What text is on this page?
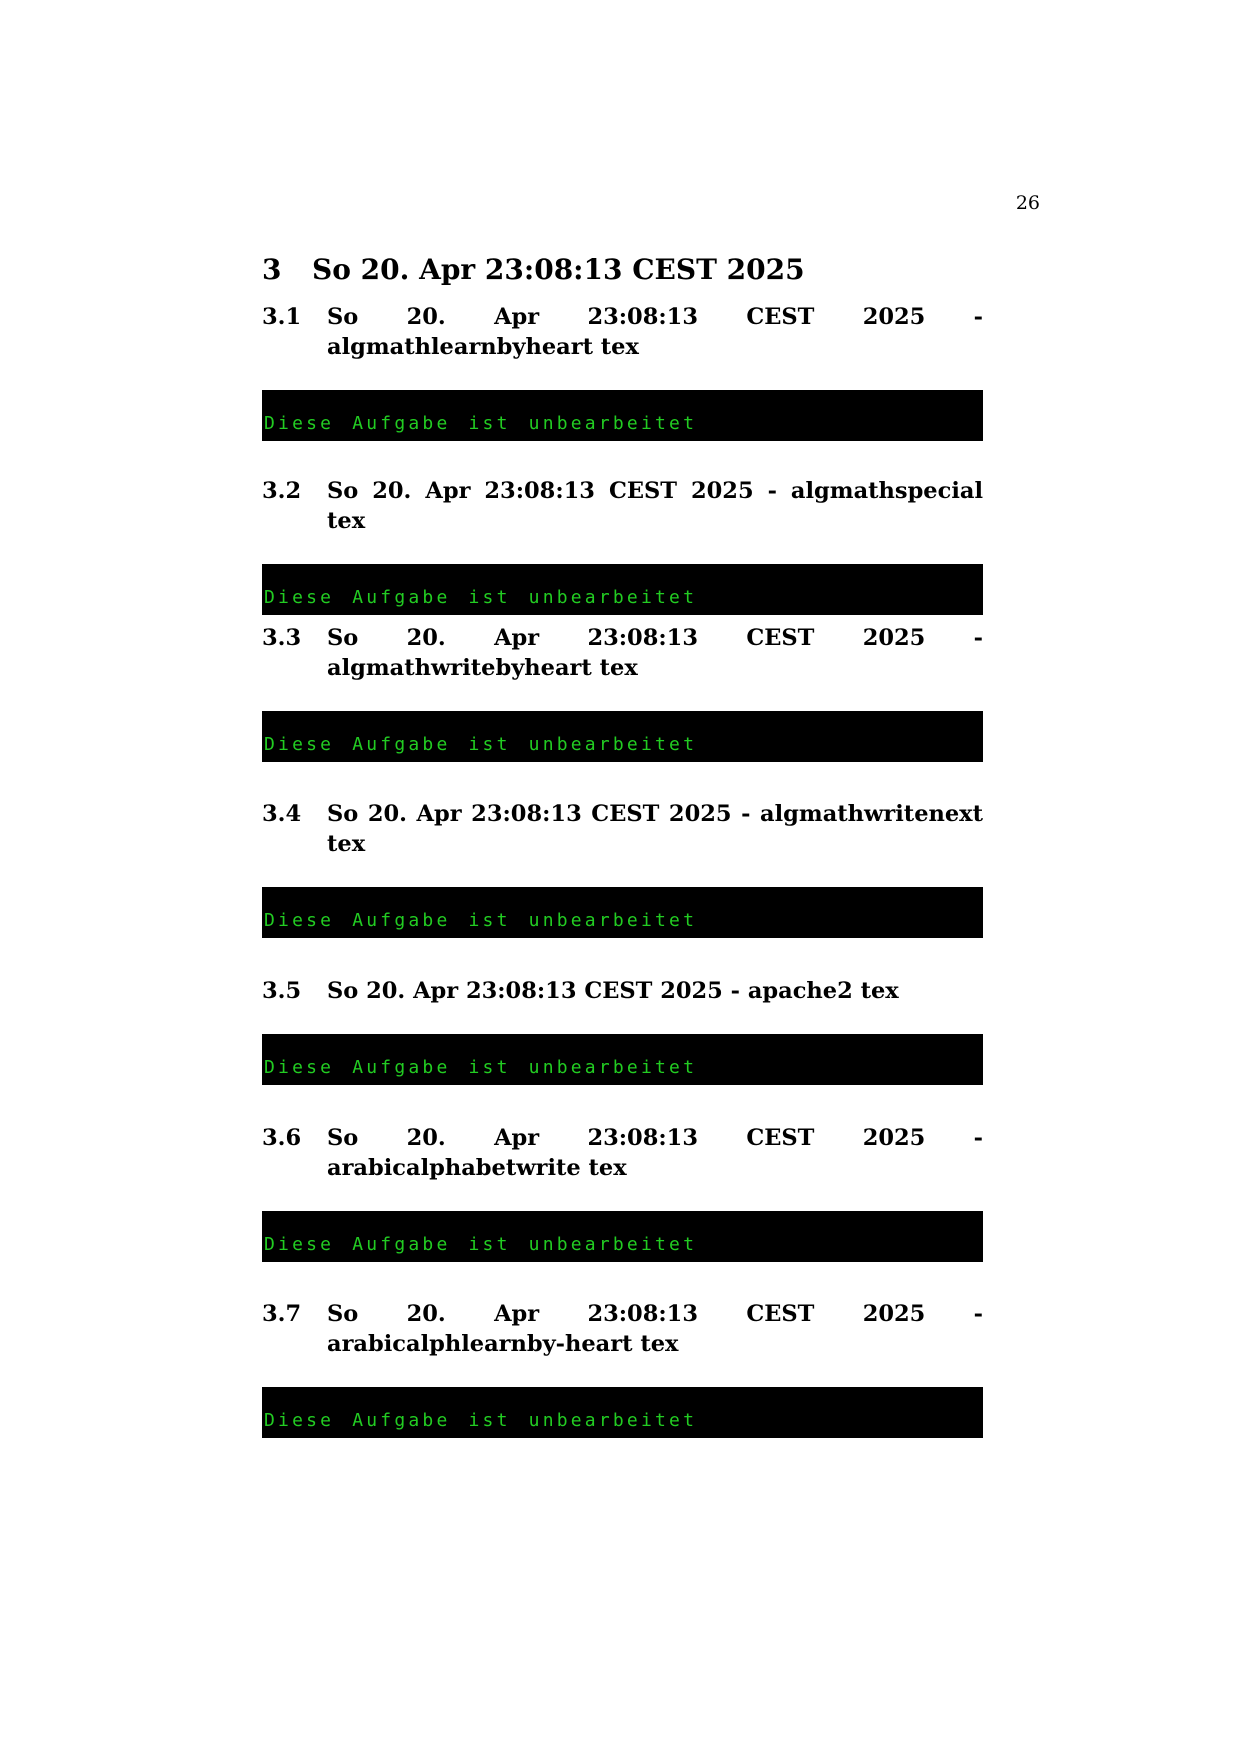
26
3	So 20. Apr 23:08:13 CEST 2025
3.1	So 20. Apr 23:08:13 CEST 2025 - algmathlearnbyheart tex
Diese Aufgabe ist unbearbeitet
3.2	So 20. Apr 23:08:13 CEST 2025 - algmathspecial tex
Diese Aufgabe ist unbearbeitet
3.3	So 20. Apr 23:08:13 CEST 2025 - algmathwritebyheart tex
Diese Aufgabe ist unbearbeitet
3.4	So 20. Apr 23:08:13 CEST 2025 - algmathwritenext tex
Diese Aufgabe ist unbearbeitet
3.5	So 20. Apr 23:08:13 CEST 2025 - apache2 tex
Diese Aufgabe ist unbearbeitet
3.6	So 20. Apr 23:08:13 CEST 2025 - arabicalphabetwrite tex
Diese Aufgabe ist unbearbeitet
3.7	So 20. Apr 23:08:13 CEST 2025 - arabicalphlearnby-heart tex
Diese Aufgabe ist unbearbeitet
